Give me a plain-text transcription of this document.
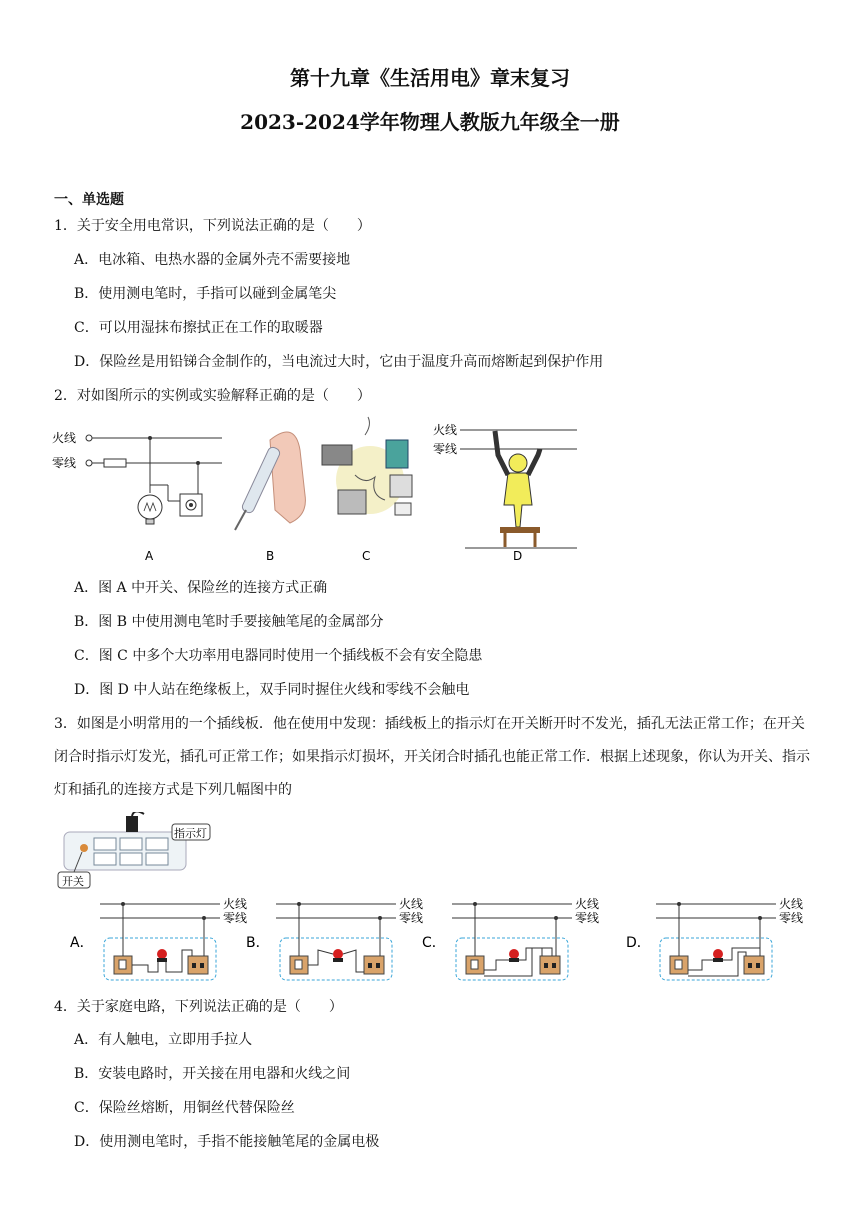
第十九章《生活用电》章末复习
2023-2024学年物理人教版九年级全一册
一、单选题
1．关于安全用电常识，下列说法正确的是（　　）
A．电冰箱、电热水器的金属外壳不需要接地
B．使用测电笔时，手指可以碰到金属笔尖
C．可以用湿抹布擦拭正在工作的取暖器
D．保险丝是用铅锑合金制作的，当电流过大时，它由于温度升高而熔断起到保护作用
2．对如图所示的实例或实验解释正确的是（　　）
火线
零线
A	B	C
火线
零线
D
A．图 A 中开关、保险丝的连接方式正确
B．图 B 中使用测电笔时手要接触笔尾的金属部分
C．图 C 中多个大功率用电器同时使用一个插线板不会有安全隐患
D．图 D 中人站在绝缘板上，双手同时握住火线和零线不会触电
3．如图是小明常用的一个插线板．他在使用中发现：插线板上的指示灯在开关断开时不发光，插孔无法正常工作；在开关闭合时指示灯发光，插孔可正常工作；如果指示灯损坏，开关闭合时插孔也能正常工作．根据上述现象，你认为开关、指示灯和插孔的连接方式是下列几幅图中的
指示灯
开关
A．
火线
零线
B．
火线
零线
C．
火线
零线
D．
火线
零线
4．关于家庭电路，下列说法正确的是（　　）
A．有人触电，立即用手拉人
B．安装电路时，开关接在用电器和火线之间
C．保险丝熔断，用铜丝代替保险丝
D．使用测电笔时，手指不能接触笔尾的金属电极
